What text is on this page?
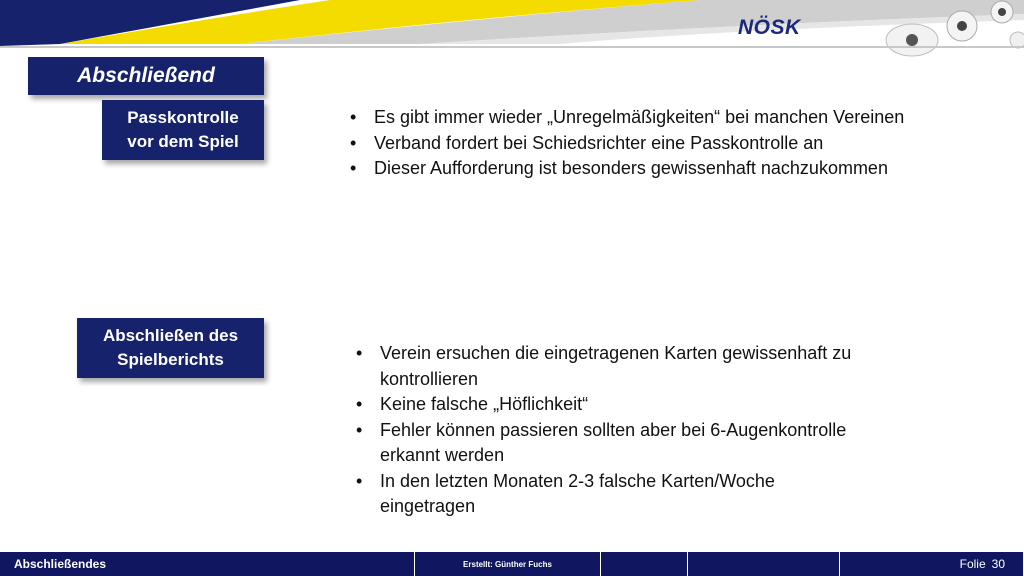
NÖSK
Abschließend
Passkontrolle
vor dem Spiel
• Es gibt immer wieder „Unregelmäßigkeiten“ bei manchen Vereinen
• Verband fordert bei Schiedsrichter eine Passkontrolle an
• Dieser Aufforderung ist besonders gewissenhaft nachzukommen
Abschließen des
Spielberichts
•	Verein ersuchen die eingetragenen Karten gewissenhaft zu kontrollieren
• Keine falsche „Höflichkeit“
• Fehler können passieren sollten aber bei 6-Augenkontrolle erkannt werden
• In den letzten Monaten 2-3 falsche Karten/Woche eingetragen
Abschließendes	Erstellt: Günther Fuchs	Folie 30
